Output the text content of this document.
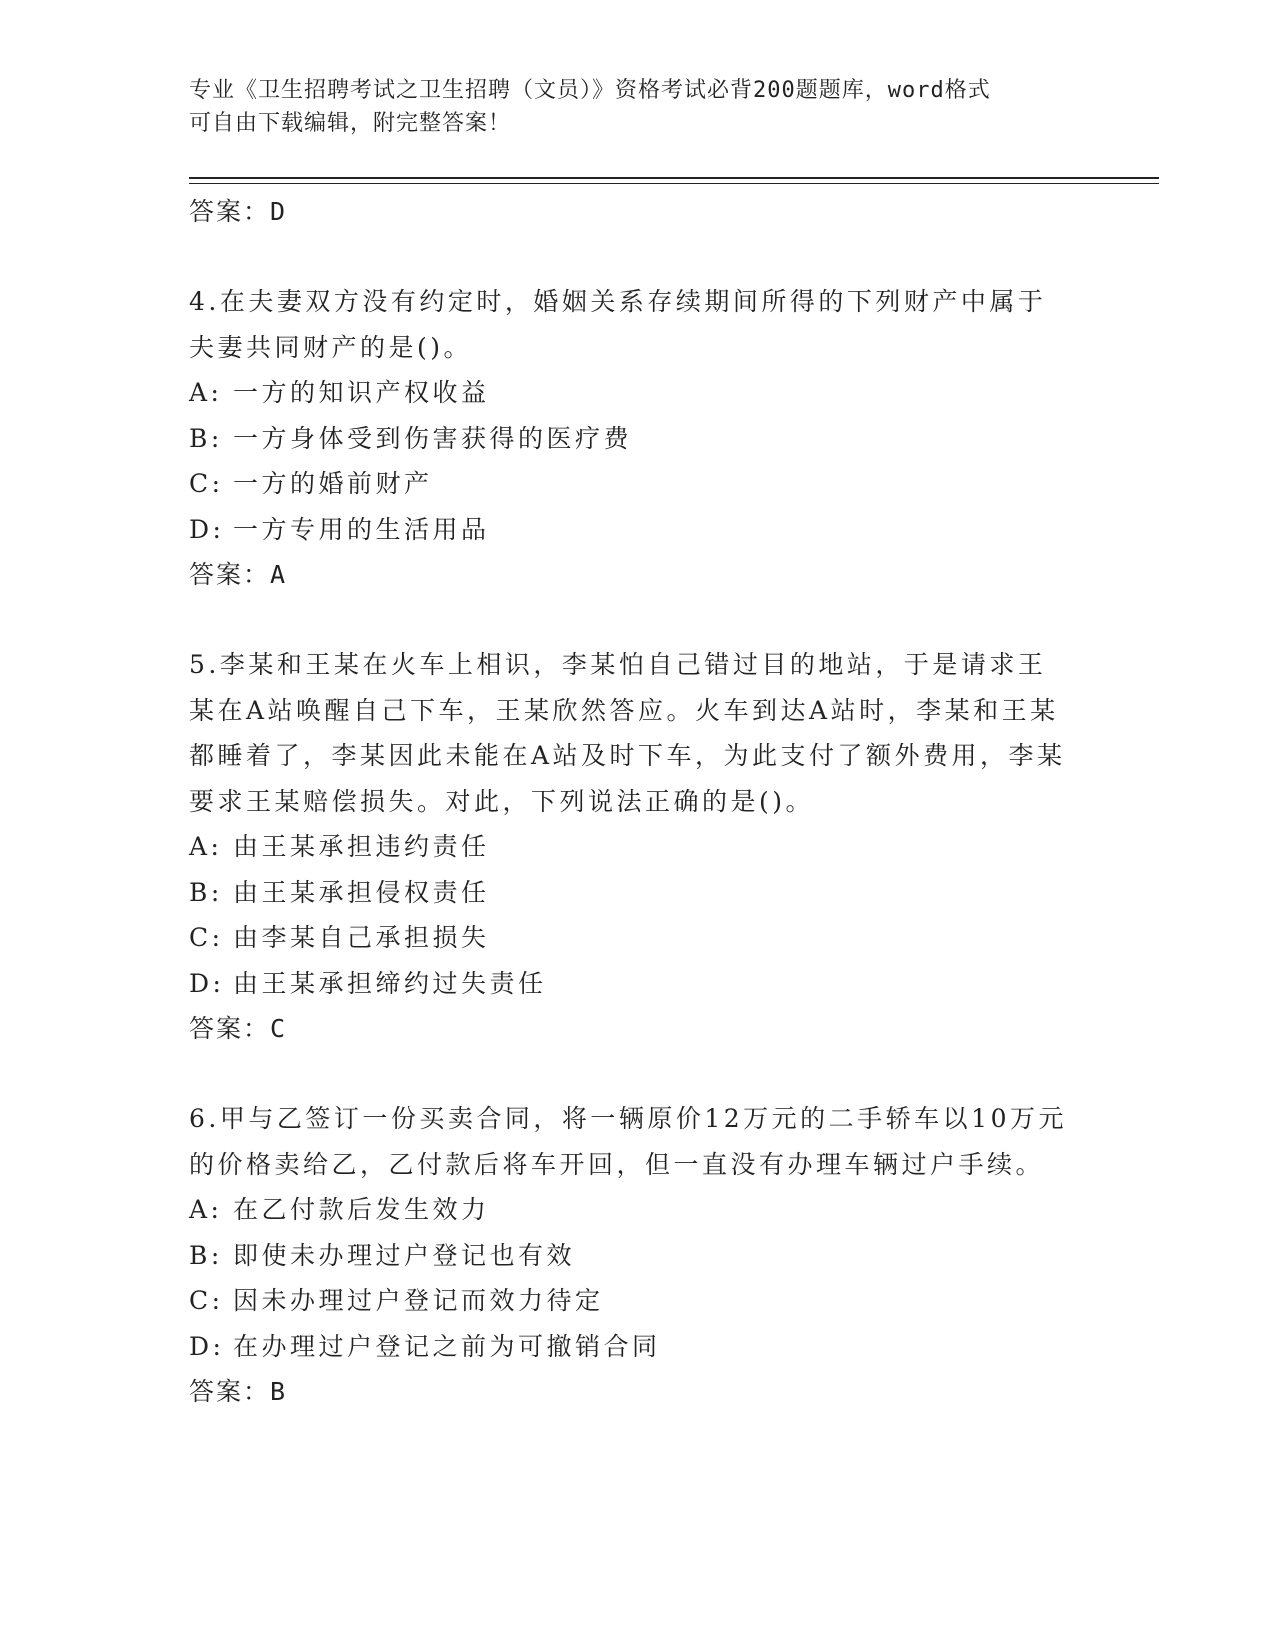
专业《卫生招聘考试之卫生招聘（文员）》资格考试必背200题题库，word格式
可自由下载编辑，附完整答案！
答案：D
4.在夫妻双方没有约定时，婚姻关系存续期间所得的下列财产中属于夫妻共同财产的是()。
A: 一方的知识产权收益
B: 一方身体受到伤害获得的医疗费
C: 一方的婚前财产
D: 一方专用的生活用品
答案：A
5.李某和王某在火车上相识，李某怕自己错过目的地站，于是请求王某在A站唤醒自己下车，王某欣然答应。火车到达A站时，李某和王某都睡着了，李某因此未能在A站及时下车，为此支付了额外费用，李某要求王某赔偿损失。对此，下列说法正确的是()。
A: 由王某承担违约责任
B: 由王某承担侵权责任
C: 由李某自己承担损失
D: 由王某承担缔约过失责任
答案：C
6.甲与乙签订一份买卖合同，将一辆原价12万元的二手轿车以10万元的价格卖给乙，乙付款后将车开回，但一直没有办理车辆过户手续。
A: 在乙付款后发生效力
B: 即使未办理过户登记也有效
C: 因未办理过户登记而效力待定
D: 在办理过户登记之前为可撤销合同
答案：B
